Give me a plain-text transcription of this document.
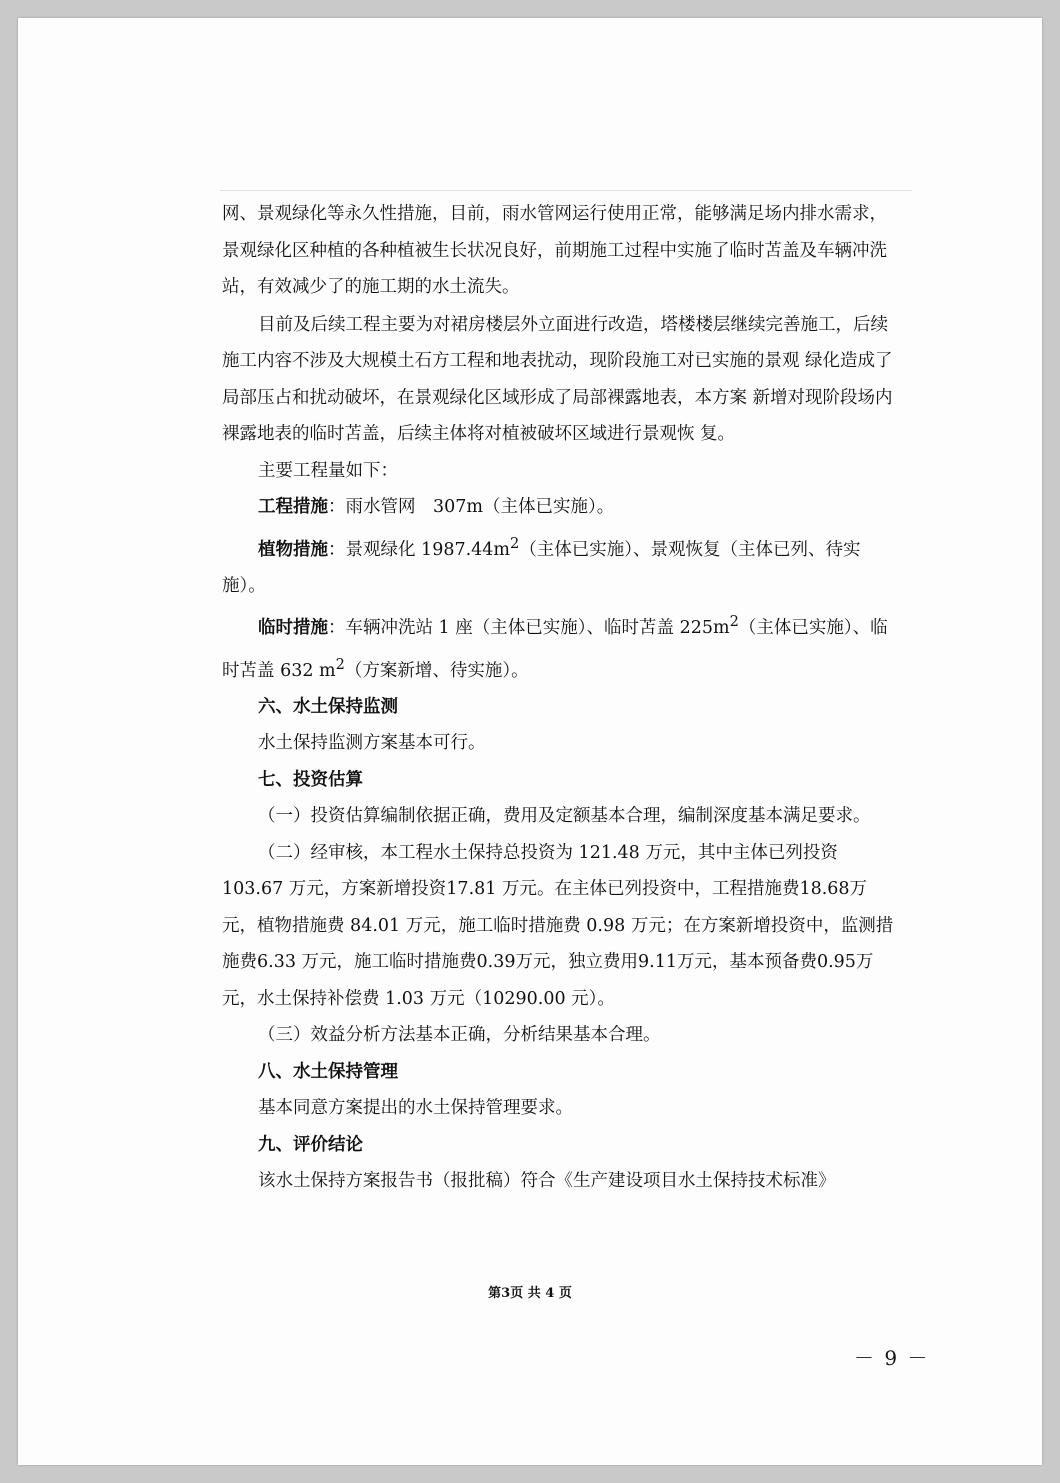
网、景观绿化等永久性措施，目前，雨水管网运行使用正常，能够满足场内排水需求，景观绿化区种植的各种植被生长状况良好，前期施工过程中实施了临时苫盖及车辆冲洗站，有效减少了的施工期的水土流失。

目前及后续工程主要为对裙房楼层外立面进行改造，塔楼楼层继续完善施工，后续施工内容不涉及大规模土石方工程和地表扰动，现阶段施工对已实施的景观 绿化造成了局部压占和扰动破坏，在景观绿化区域形成了局部裸露地表，本方案 新增对现阶段场内裸露地表的临时苫盖，后续主体将对植被破坏区域进行景观恢 复。

主要工程量如下：

工程措施：雨水管网　307m（主体已实施）。

植物措施：景观绿化 $1987.44m^2$（主体已实施）、景观恢复（主体已列、待实施）。

临时措施：车辆冲洗站 1 座（主体已实施）、临时苫盖 $225m^2$（主体已实施）、临时苫盖 632 $m^2$（方案新增、待实施）。

六、水土保持监测

水土保持监测方案基本可行。

七、投资估算

（一）投资估算编制依据正确，费用及定额基本合理，编制深度基本满足要求。

（二）经审核，本工程水土保持总投资为 121.48 万元，其中主体已列投资 103.67 万元，方案新增投资17.81 万元。在主体已列投资中，工程措施费18.68万元，植物措施费 84.01 万元，施工临时措施费 0.98 万元；在方案新增投资中，监测措施费6.33 万元，施工临时措施费0.39万元，独立费用9.11万元，基本预备费0.95万元，水土保持补偿费 1.03 万元（10290.00 元）。

（三）效益分析方法基本正确，分析结果基本合理。

八、水土保持管理

基本同意方案提出的水土保持管理要求。

九、评价结论

该水土保持方案报告书（报批稿）符合《生产建设项目水土保持技术标准》

第3页 共 4 页
－ 9 －
